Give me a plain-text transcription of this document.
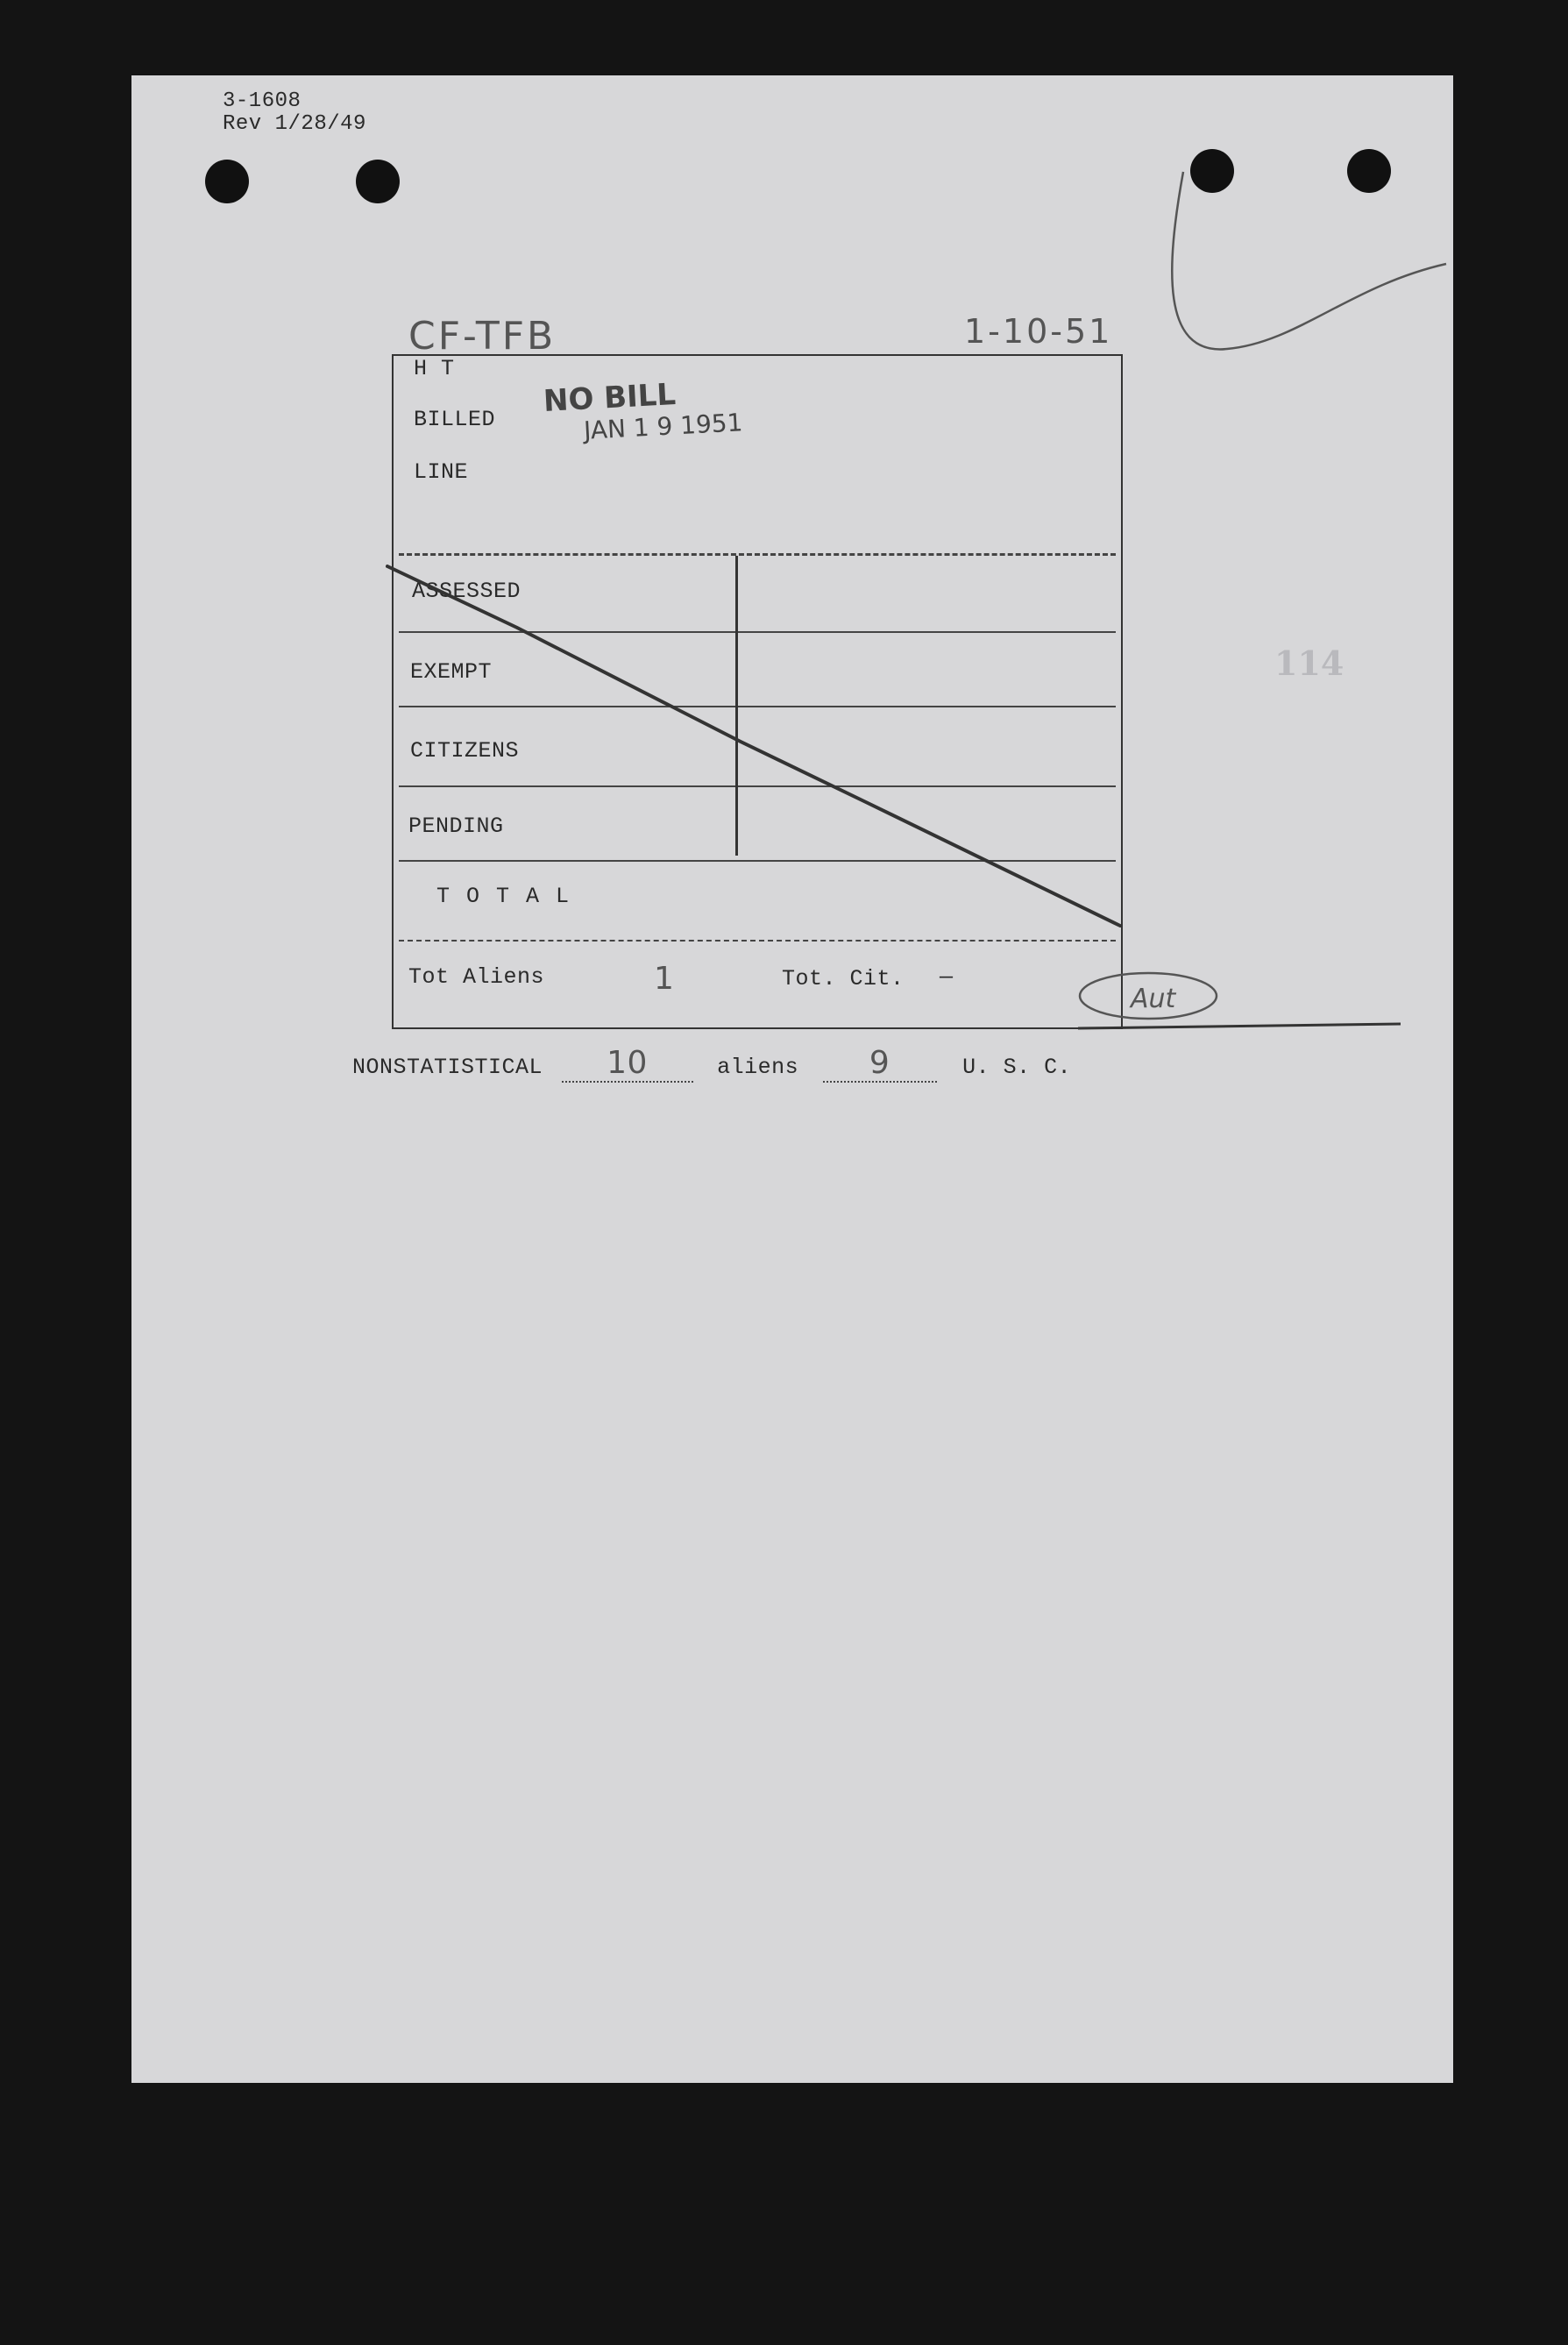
3-1608
Rev 1/28/49
CF-TFB	1-10-51
H T
BILLED
LINE
NO BILL
JAN 1 9 1951
ASSESSED
EXEMPT
CITIZENS
PENDING
T O T A L
Tot Aliens	1	Tot. Cit. —
Aut
NONSTATISTICAL 10	aliens 9	U. S. C.
114
